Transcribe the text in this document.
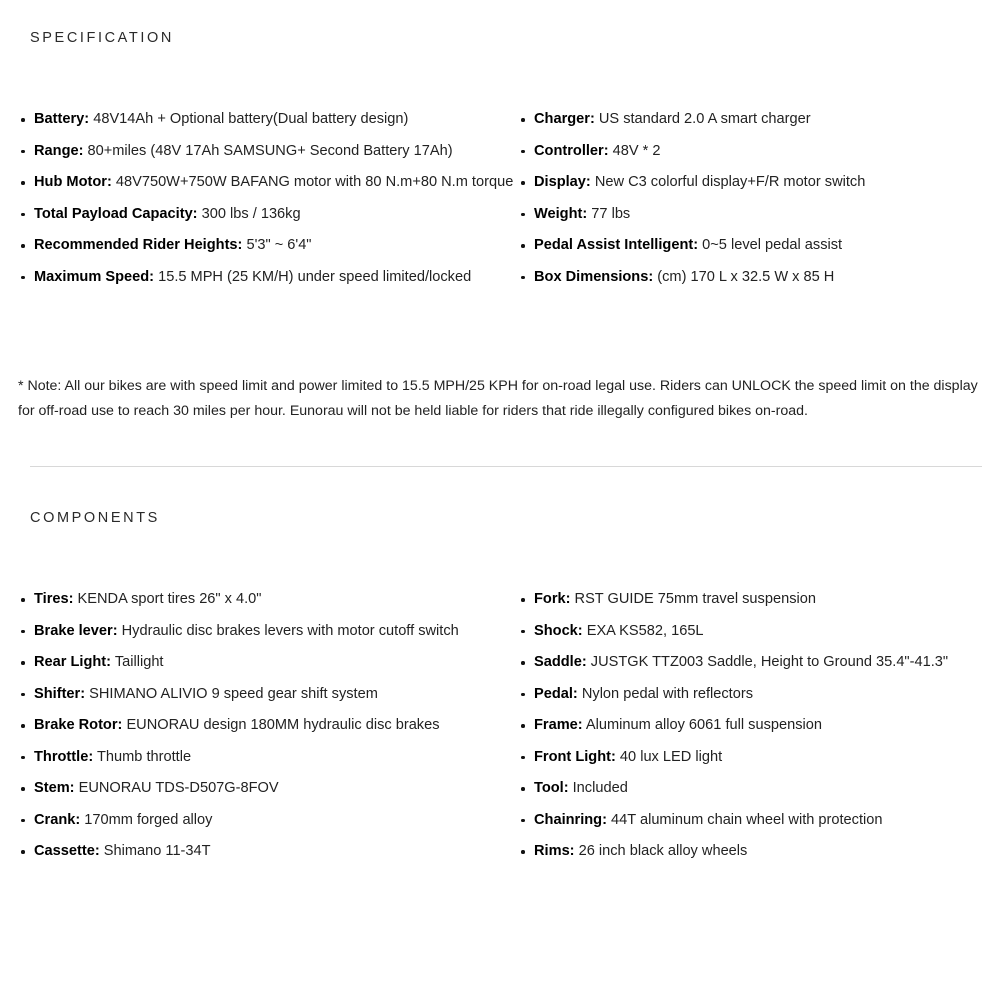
SPECIFICATION
Battery: 48V14Ah + Optional battery(Dual battery design)
Range: 80+miles (48V 17Ah SAMSUNG+ Second Battery 17Ah)
Hub Motor: 48V750W+750W BAFANG motor with 80 N.m+80 N.m torque
Total Payload Capacity: 300 lbs / 136kg
Recommended Rider Heights: 5'3" ~ 6'4"
Maximum Speed: 15.5 MPH (25 KM/H) under speed limited/locked
Charger: US standard 2.0 A smart charger
Controller: 48V * 2
Display: New C3 colorful display+F/R motor switch
Weight: 77 lbs
Pedal Assist Intelligent: 0~5 level pedal assist
Box Dimensions: (cm) 170 L x 32.5 W x 85 H
* Note: All our bikes are with speed limit and power limited to 15.5 MPH/25 KPH for on-road legal use. Riders can UNLOCK the speed limit on the display for off-road use to reach 30 miles per hour. Eunorau will not be held liable for riders that ride illegally configured bikes on-road.
COMPONENTS
Tires: KENDA sport tires 26" x 4.0"
Brake lever: Hydraulic disc brakes levers with motor cutoff switch
Rear Light: Taillight
Shifter: SHIMANO ALIVIO 9 speed gear shift system
Brake Rotor: EUNORAU design 180MM hydraulic disc brakes
Throttle: Thumb throttle
Stem: EUNORAU TDS-D507G-8FOV
Crank: 170mm forged alloy
Cassette: Shimano 11-34T
Fork: RST GUIDE 75mm travel suspension
Shock: EXA KS582, 165L
Saddle: JUSTGK TTZ003 Saddle, Height to Ground 35.4"-41.3"
Pedal: Nylon pedal with reflectors
Frame: Aluminum alloy 6061 full suspension
Front Light: 40 lux LED light
Tool: Included
Chainring: 44T aluminum chain wheel with protection
Rims: 26 inch black alloy wheels
